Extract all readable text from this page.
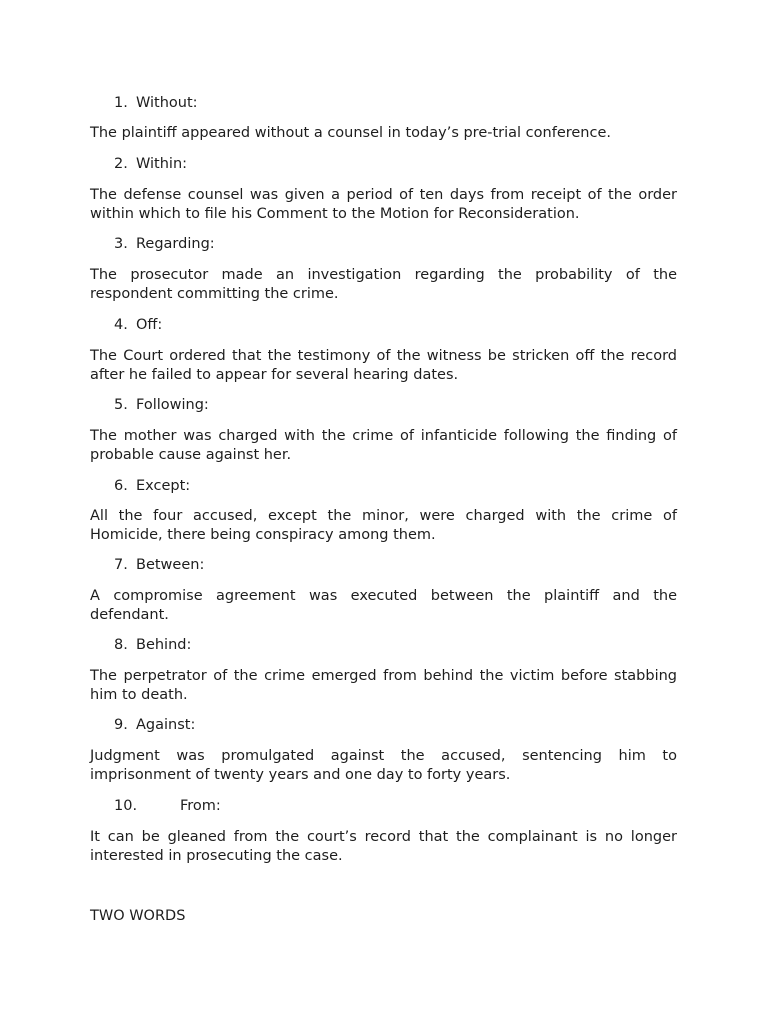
1. Without:
The plaintiff appeared without a counsel in today’s pre-trial conference.
2. Within:
The defense counsel was given a period of ten days from receipt of the order within which to file his Comment to the Motion for Reconsideration.
3. Regarding:
The prosecutor made an investigation regarding the probability of the respondent committing the crime.
4. Off:
The Court ordered that the testimony of the witness be stricken off the record after he failed to appear for several hearing dates.
5. Following:
The mother was charged with the crime of infanticide following the finding of probable cause against her.
6. Except:
All the four accused, except the minor, were charged with the crime of Homicide, there being conspiracy among them.
7. Between:
A compromise agreement was executed between the plaintiff and the defendant.
8. Behind:
The perpetrator of the crime emerged from behind the victim before stabbing him to death.
9. Against:
Judgment was promulgated against the accused, sentencing him to imprisonment of twenty years and one day to forty years.
10.	From:
It can be gleaned from the court’s record that the complainant is no longer interested in prosecuting the case.
TWO WORDS
